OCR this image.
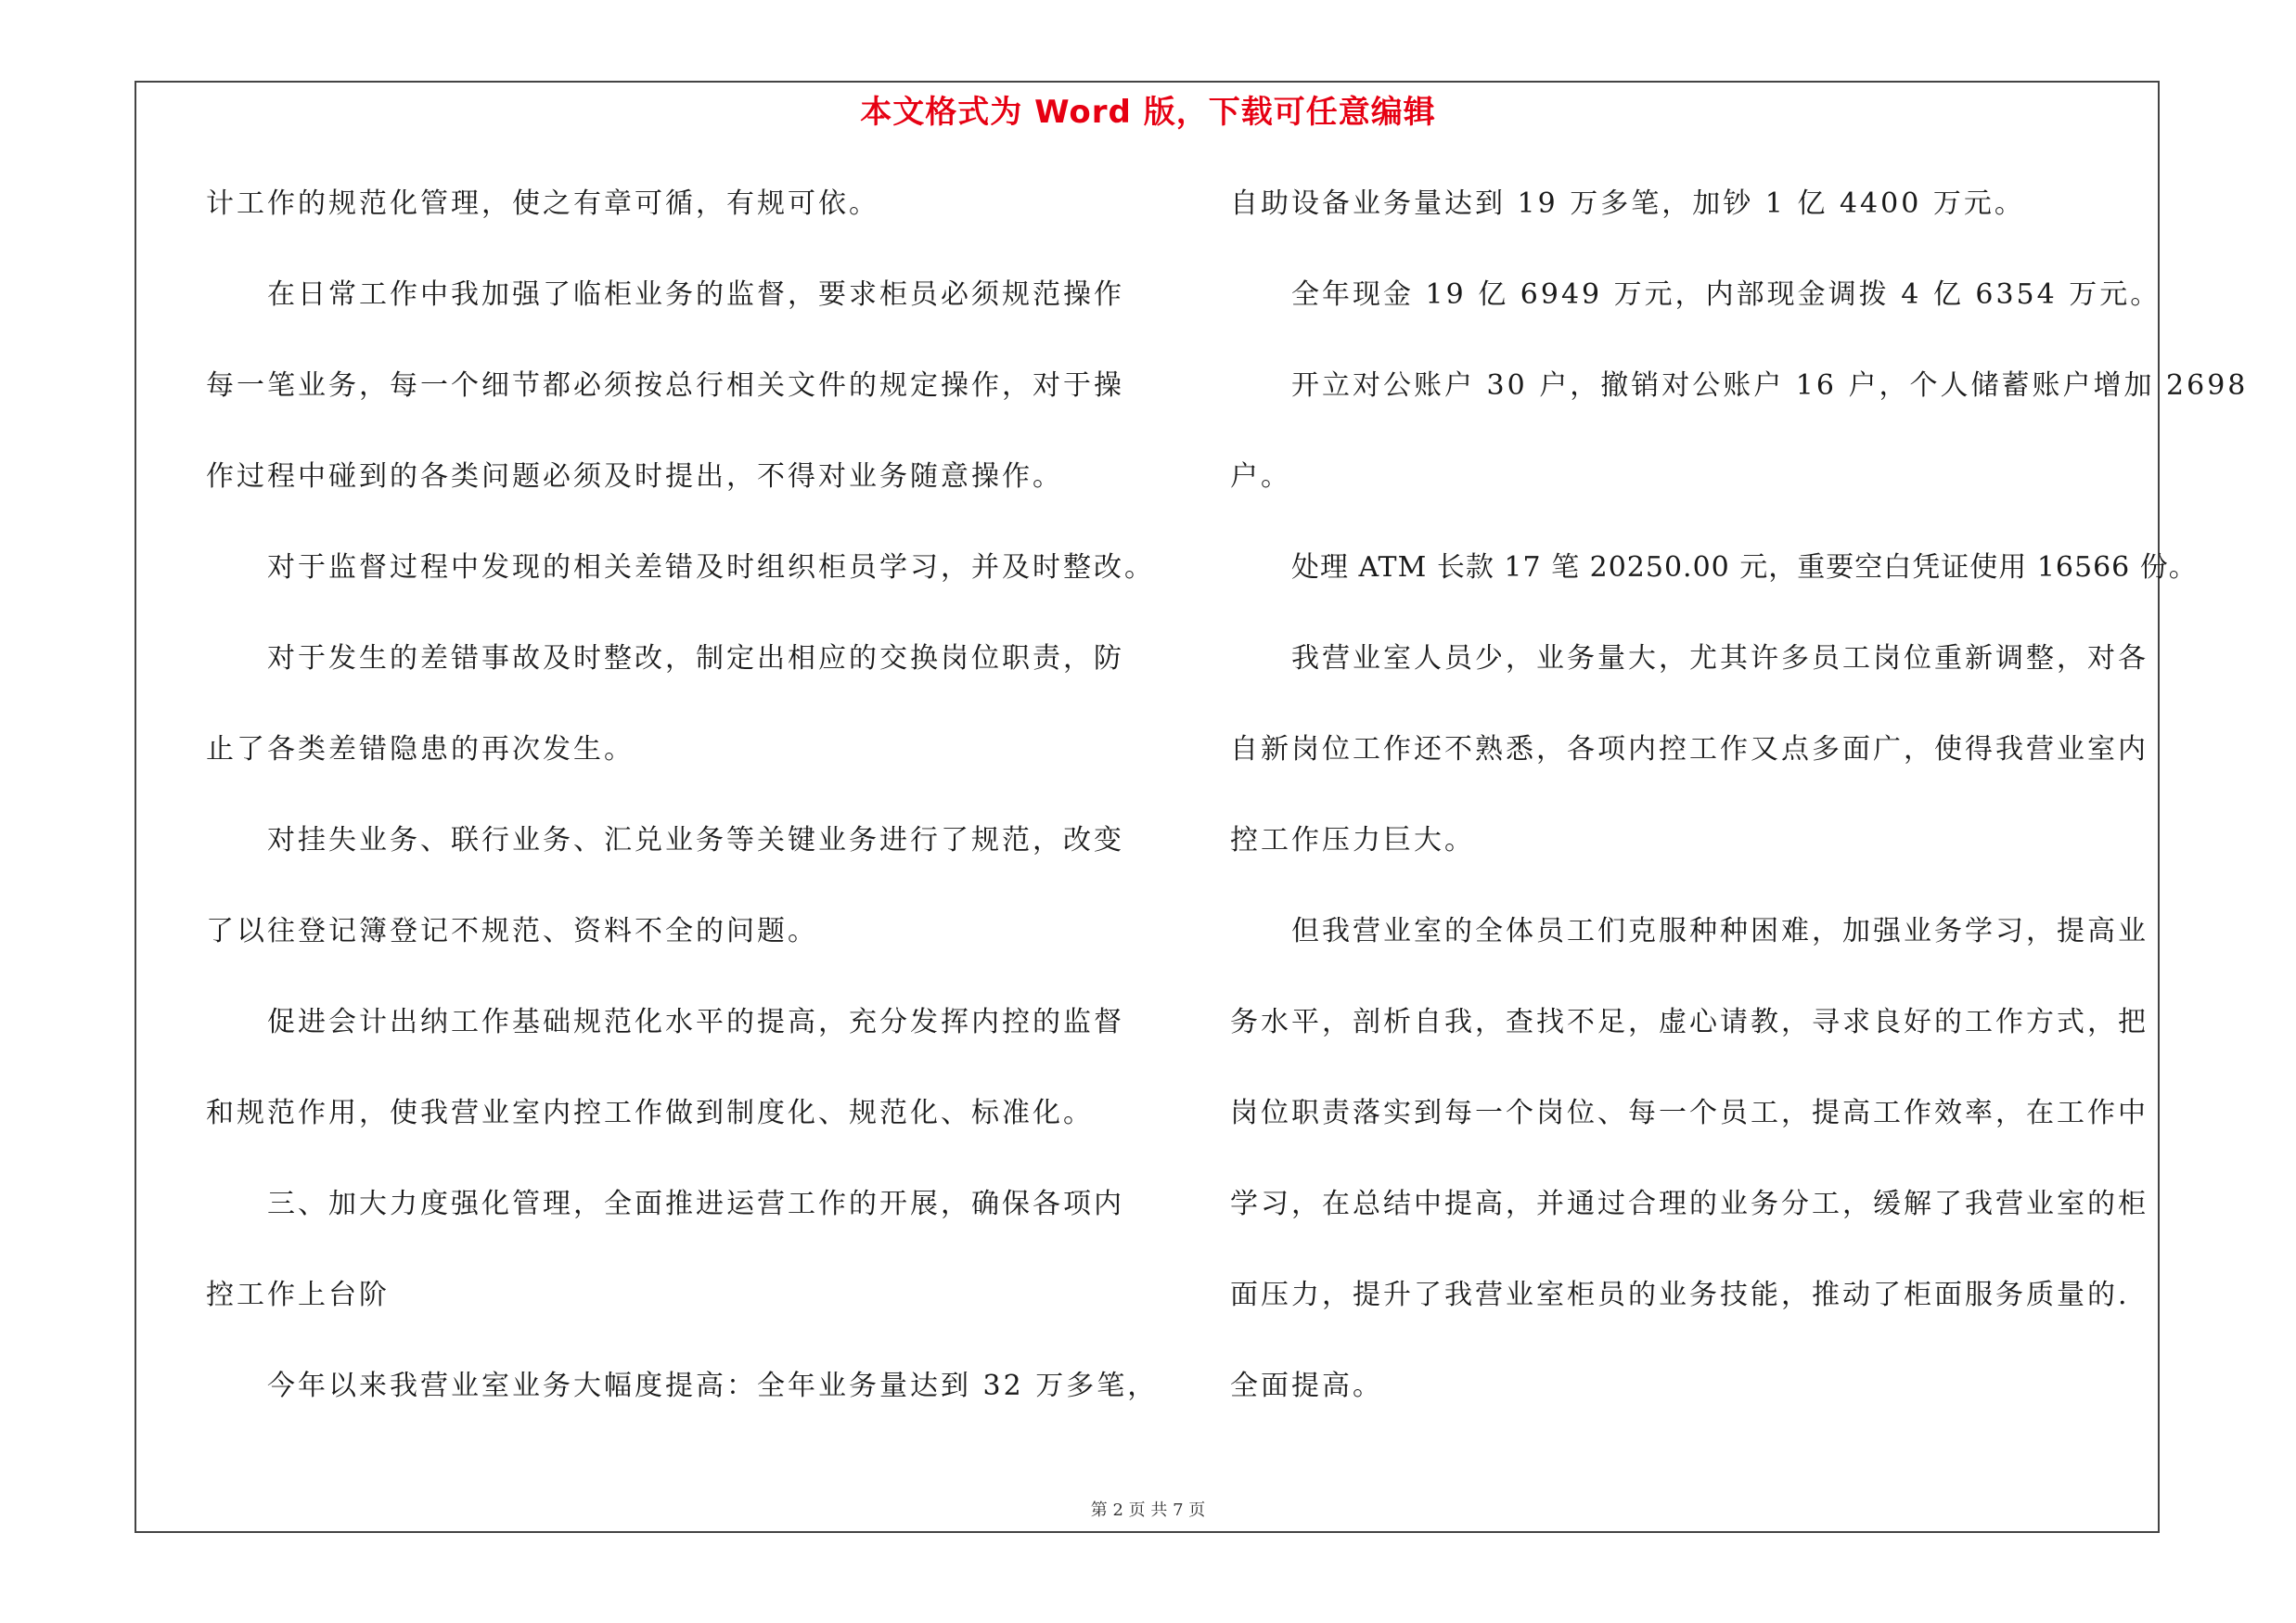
本文格式为 Word 版，下载可任意编辑
计工作的规范化管理，使之有章可循，有规可依。
在日常工作中我加强了临柜业务的监督，要求柜员必须规范操作
每一笔业务，每一个细节都必须按总行相关文件的规定操作，对于操
作过程中碰到的各类问题必须及时提出，不得对业务随意操作。
对于监督过程中发现的相关差错及时组织柜员学习，并及时整改。
对于发生的差错事故及时整改，制定出相应的交换岗位职责，防
止了各类差错隐患的再次发生。
对挂失业务、联行业务、汇兑业务等关键业务进行了规范，改变
了以往登记簿登记不规范、资料不全的问题。
促进会计出纳工作基础规范化水平的提高，充分发挥内控的监督
和规范作用，使我营业室内控工作做到制度化、规范化、标准化。
三、加大力度强化管理，全面推进运营工作的开展，确保各项内
控工作上台阶
今年以来我营业室业务大幅度提高：全年业务量达到 32 万多笔，
自助设备业务量达到 19 万多笔，加钞 1 亿 4400 万元。
全年现金 19 亿 6949 万元，内部现金调拨 4 亿 6354 万元。
开立对公账户 30 户，撤销对公账户 16 户，个人储蓄账户增加 2698
户。
处理 ATM 长款 17 笔 20250.00 元，重要空白凭证使用 16566 份。
我营业室人员少，业务量大，尤其许多员工岗位重新调整，对各
自新岗位工作还不熟悉，各项内控工作又点多面广，使得我营业室内
控工作压力巨大。
但我营业室的全体员工们克服种种困难，加强业务学习，提高业
务水平，剖析自我，查找不足，虚心请教，寻求良好的工作方式，把
岗位职责落实到每一个岗位、每一个员工，提高工作效率，在工作中
学习，在总结中提高，并通过合理的业务分工，缓解了我营业室的柜
面压力，提升了我营业室柜员的业务技能，推动了柜面服务质量的.
全面提高。
第 2 页 共 7 页
